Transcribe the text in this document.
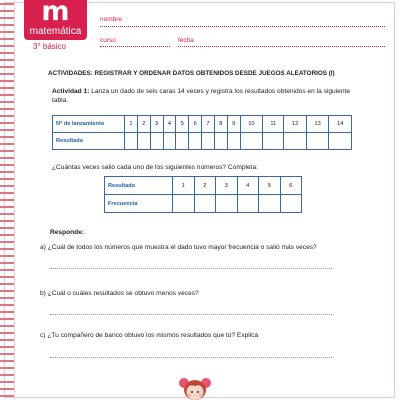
m
matemática
3° básico
nombre
curso	fecha
ACTIVIDADES: REGISTRAR Y ORDENAR DATOS OBTENIDOS DESDE JUEGOS ALEATORIOS (I)
Actividad 1: Lanza un dado de seis caras 14 veces y registra los resultados obtenidos en la siguiente tabla.
N° de lanzamiento	1	2	3	4	5	6	7	8	9	10	11	12	13	14
Resultado														
¿Cuántas veces salió cada uno de los siguientes números? Completa:
Resultado	1	2	3	4	5	6
Frecuencia						
Responde:
a) ¿Cuál de todos los números que muestra el dado tuvo mayor frecuencia o salió más veces?
b) ¿Cuál o cuáles resultados se obtuvo menos veces?
c) ¿Tu compañero de banco obtuvo los mismos resultados que tú? Explica
